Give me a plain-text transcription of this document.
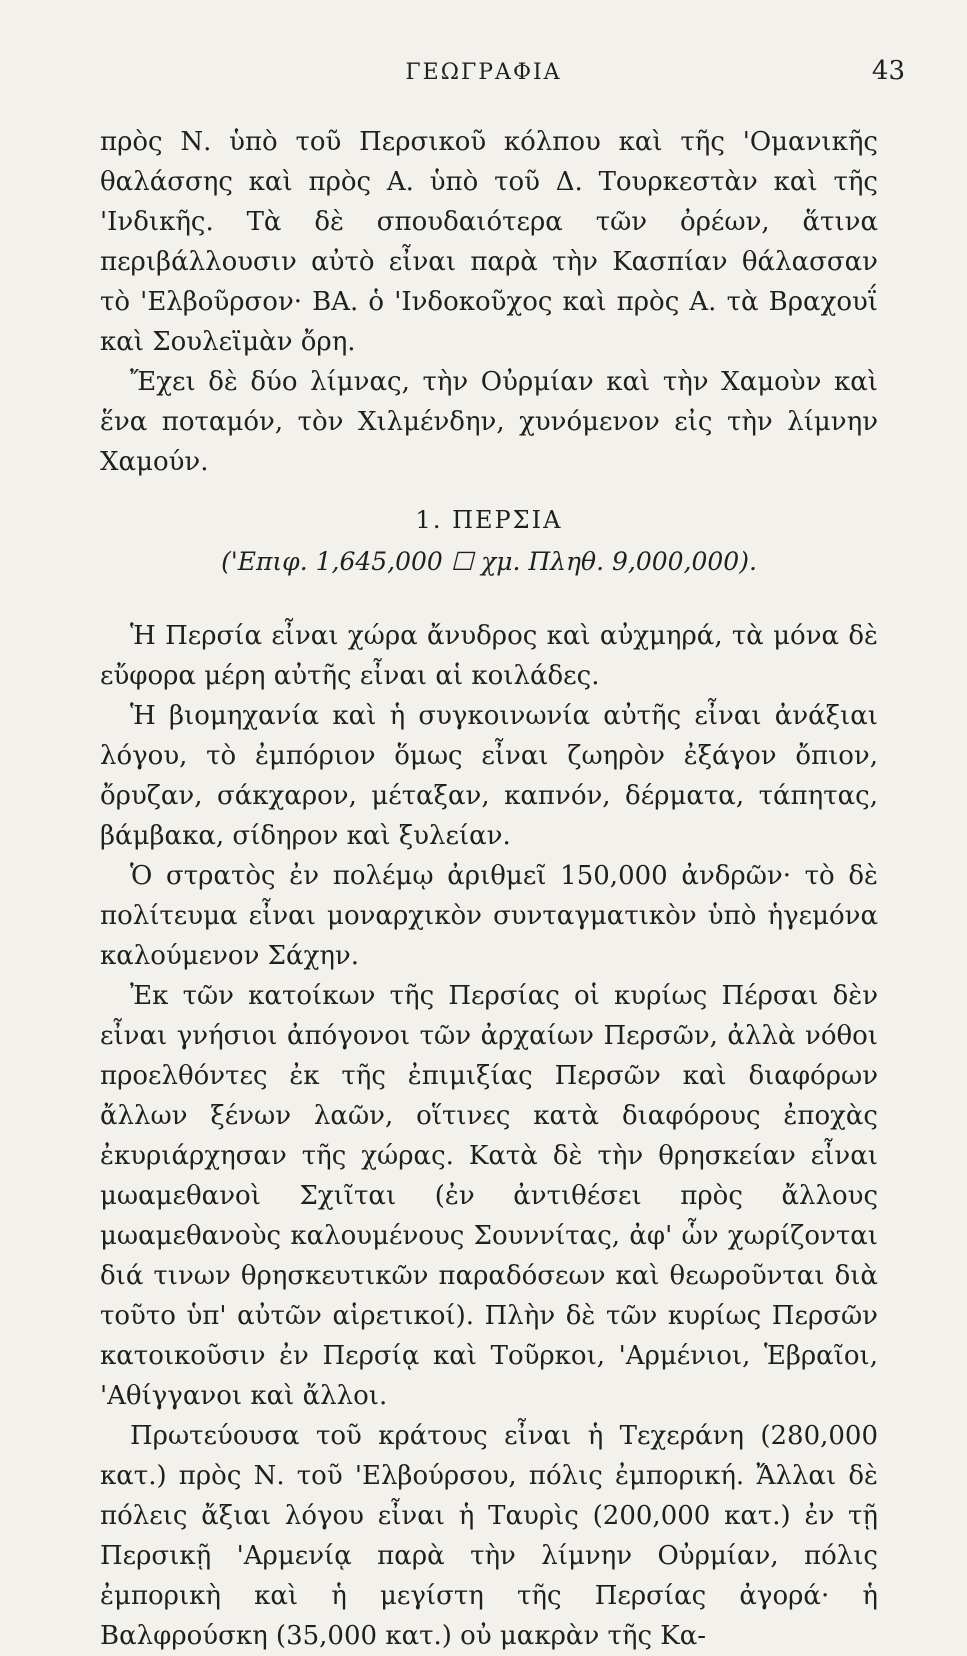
ΓΕΩΓΡΑΦΙΑ	43

πρὸς Ν. ὑπὸ τοῦ Περσικοῦ κόλπου καὶ τῆς 'Ομανικῆς θαλάσσης καὶ πρὸς Α. ὑπὸ τοῦ Δ. Τουρκεστὰν καὶ τῆς 'Ινδικῆς. Τὰ δὲ σπουδαιότερα τῶν ὀρέων, ἅτινα περιβάλλουσιν αὐτὸ εἶναι παρὰ τὴν Κασπίαν θάλασσαν τὸ 'Ελβοῦρσον· ΒΑ. ὁ 'Ινδοκοῦχος καὶ πρὸς Α. τὰ Βραχουΐ καὶ Σουλεϊμὰν ὄρη.

Ἔχει δὲ δύο λίμνας, τὴν Οὐρμίαν καὶ τὴν Χαμοὺν καὶ ἕνα ποταμόν, τὸν Χιλμένδην, χυνόμενον εἰς τὴν λίμνην Χαμούν.

1. ΠΕΡΣΙΑ

('Επιφ. 1,645,000 ☐ χμ. Πληθ. 9,000,000).

Ἡ Περσία εἶναι χώρα ἄνυδρος καὶ αὐχμηρά, τὰ μόνα δὲ εὔφορα μέρη αὐτῆς εἶναι αἱ κοιλάδες.

Ἡ βιομηχανία καὶ ἡ συγκοινωνία αὐτῆς εἶναι ἀνάξιαι λόγου, τὸ ἐμπόριον ὅμως εἶναι ζωηρὸν ἐξάγον ὄπιον, ὄρυζαν, σάκχαρον, μέταξαν, καπνόν, δέρματα, τάπητας, βάμβακα, σίδηρον καὶ ξυλείαν.

Ὁ στρατὸς ἐν πολέμῳ ἀριθμεῖ 150,000 ἀνδρῶν· τὸ δὲ πολίτευμα εἶναι μοναρχικὸν συνταγματικὸν ὑπὸ ἡγεμόνα καλούμενον Σάχην.

Ἐκ τῶν κατοίκων τῆς Περσίας οἱ κυρίως Πέρσαι δὲν εἶναι γνήσιοι ἀπόγονοι τῶν ἀρχαίων Περσῶν, ἀλλὰ νόθοι προελθόντες ἐκ τῆς ἐπιμιξίας Περσῶν καὶ διαφόρων ἄλλων ξένων λαῶν, οἵτινες κατὰ διαφόρους ἐποχὰς ἐκυριάρχησαν τῆς χώρας. Κατὰ δὲ τὴν θρησκείαν εἶναι μωαμεθανοὶ Σχιῖται (ἐν ἀντιθέσει πρὸς ἄλλους μωαμεθανοὺς καλουμένους Σουννίτας, ἀφ' ὧν χωρίζονται διά τινων θρησκευτικῶν παραδόσεων καὶ θεωροῦνται διὰ τοῦτο ὑπ' αὐτῶν αἱρετικοί). Πλὴν δὲ τῶν κυρίως Περσῶν κατοικοῦσιν ἐν Περσίᾳ καὶ Τοῦρκοι, 'Αρμένιοι, Ἑβραῖοι, 'Αθίγγανοι καὶ ἄλλοι.

Πρωτεύουσα τοῦ κράτους εἶναι ἡ Τεχεράνη (280,000 κατ.) πρὸς Ν. τοῦ 'Ελβούρσου, πόλις ἐμπορική. Ἄλλαι δὲ πόλεις ἄξιαι λόγου εἶναι ἡ Ταυρὶς (200,000 κατ.) ἐν τῇ Περσικῇ 'Αρμενίᾳ παρὰ τὴν λίμνην Οὐρμίαν, πόλις ἐμπορικὴ καὶ ἡ μεγίστη τῆς Περσίας ἀγορά· ἡ Βαλφρούσκη (35,000 κατ.) οὐ μακρὰν τῆς Κα-
